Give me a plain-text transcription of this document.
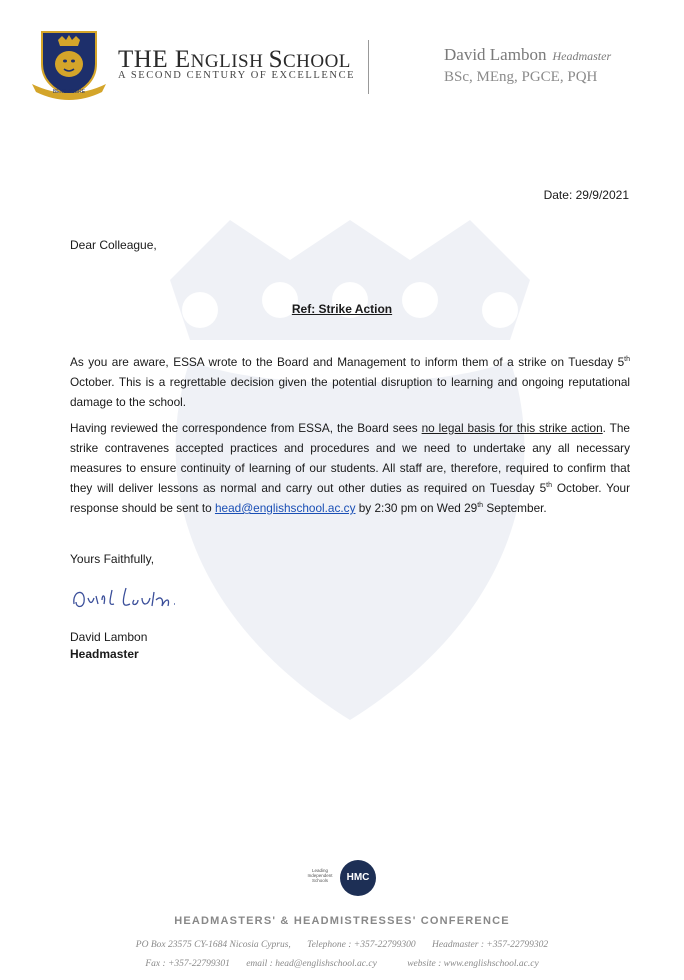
BENE AGERE
THE ENGLISH SCHOOL
A SECOND CENTURY OF EXCELLENCE
David Lambon Headmaster
BSc, MEng, PGCE, PQH
Date: 29/9/2021
Dear Colleague,
Ref: Strike Action
As you are aware, ESSA wrote to the Board and Management to inform them of a strike on Tuesday 5th October. This is a regrettable decision given the potential disruption to learning and ongoing reputational damage to the school.
Having reviewed the correspondence from ESSA, the Board sees no legal basis for this strike action. The strike contravenes accepted practices and procedures and we need to undertake any all necessary measures to ensure continuity of learning of our students. All staff are, therefore, required to confirm that they will deliver lessons as normal and carry out other duties as required on Tuesday 5th October. Your response should be sent to head@englishschool.ac.cy by 2:30 pm on Wed 29th September.
Yours Faithfully,
David Lambon
Headmaster
Leading Independent Schools	HMC
HEADMASTERS' & HEADMISTRESSES' CONFERENCE
PO Box 23575 CY-1684 Nicosia Cyprus, Telephone : +357-22799300 Headmaster : +357-22799302
Fax : +357-22799301 email : head@englishschool.ac.cy	website : www.englishschool.ac.cy
